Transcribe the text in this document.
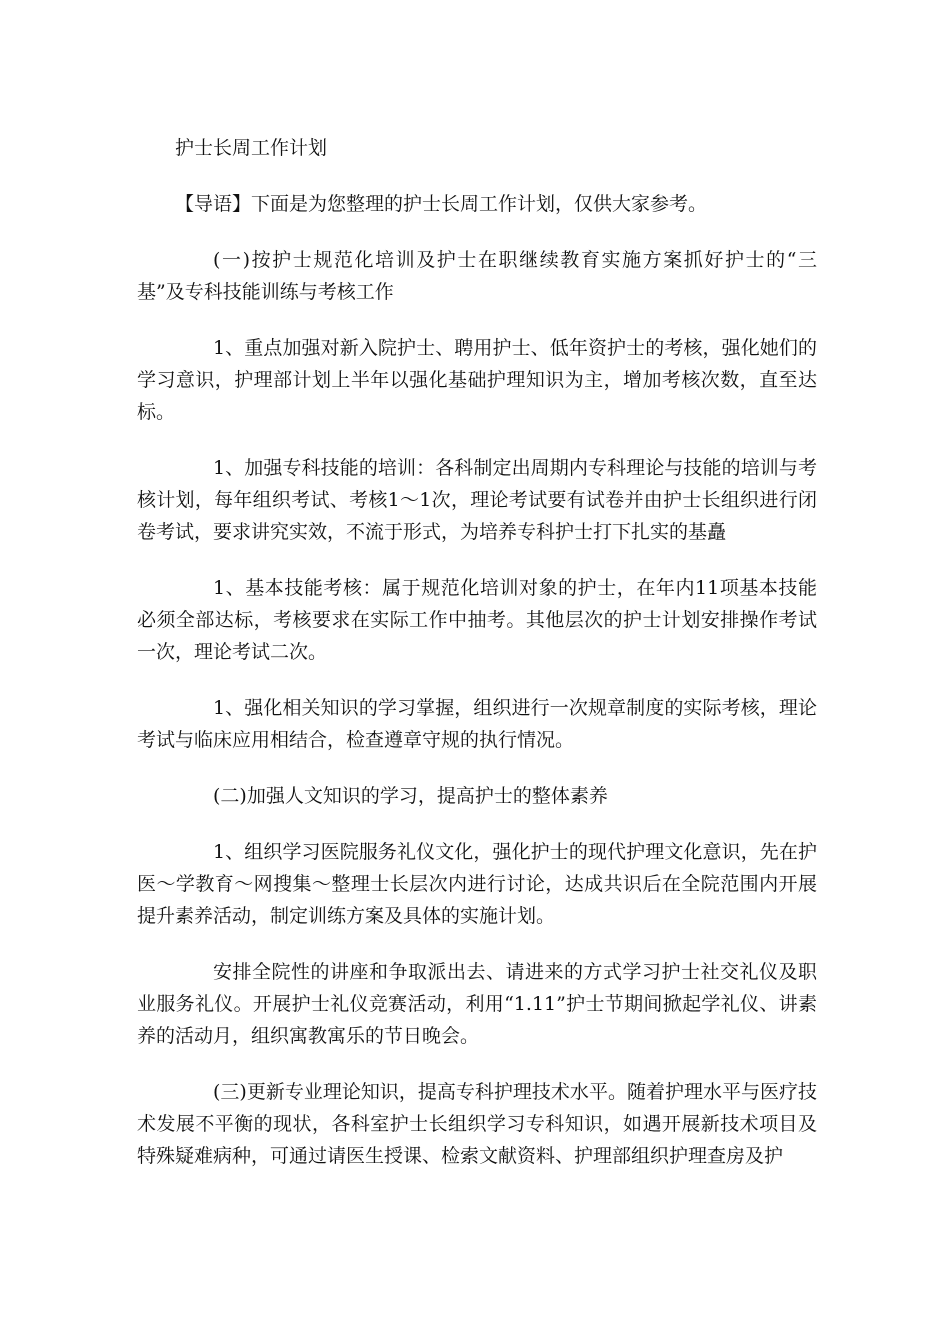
护士长周工作计划

【导语】下面是为您整理的护士长周工作计划，仅供大家参考。

(一)按护士规范化培训及护士在职继续教育实施方案抓好护士的“三基”及专科技能训练与考核工作

1、重点加强对新入院护士、聘用护士、低年资护士的考核，强化她们的学习意识，护理部计划上半年以强化基础护理知识为主，增加考核次数，直至达标。

1、加强专科技能的培训：各科制定出周期内专科理论与技能的培训与考核计划，每年组织考试、考核1～1次，理论考试要有试卷并由护士长组织进行闭卷考试，要求讲究实效，不流于形式，为培养专科护士打下扎实的基矗

1、基本技能考核：属于规范化培训对象的护士，在年内11项基本技能必须全部达标，考核要求在实际工作中抽考。其他层次的护士计划安排操作考试一次，理论考试二次。

1、强化相关知识的学习掌握，组织进行一次规章制度的实际考核，理论考试与临床应用相结合，检查遵章守规的执行情况。

(二)加强人文知识的学习，提高护士的整体素养

1、组织学习医院服务礼仪文化，强化护士的现代护理文化意识，先在护医～学教育～网搜集～整理士长层次内进行讨论，达成共识后在全院范围内开展提升素养活动，制定训练方案及具体的实施计划。

安排全院性的讲座和争取派出去、请进来的方式学习护士社交礼仪及职业服务礼仪。开展护士礼仪竞赛活动，利用“1.11”护士节期间掀起学礼仪、讲素养的活动月，组织寓教寓乐的节日晚会。

(三)更新专业理论知识，提高专科护理技术水平。随着护理水平与医疗技术发展不平衡的现状，各科室护士长组织学习专科知识，如遇开展新技术项目及特殊疑难病种，可通过请医生授课、检索文献资料、护理部组织护理查房及护
